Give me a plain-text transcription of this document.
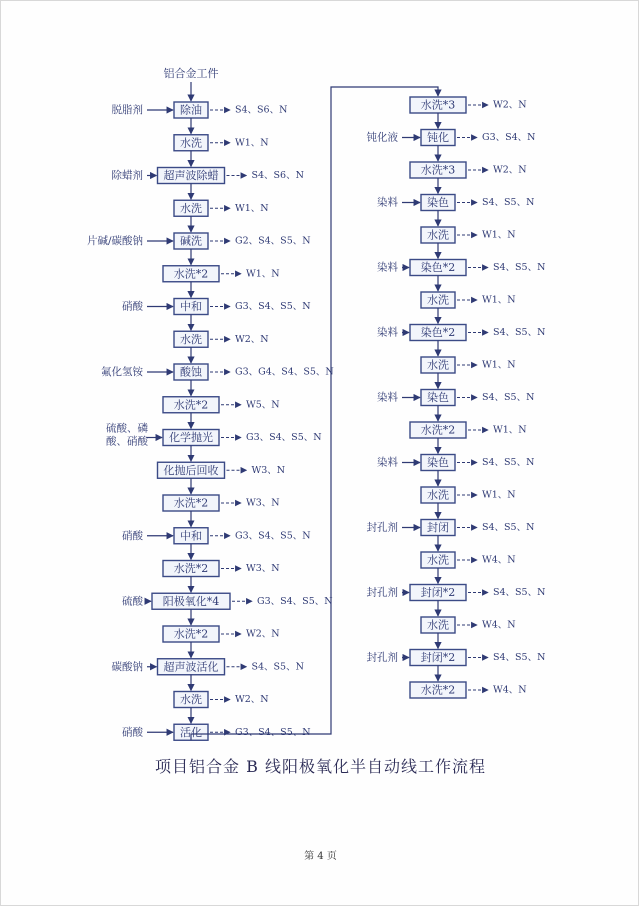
铝合金工件
除油
脱脂剂	S4、S6、N
水洗	W1、N
超声波除蜡
除蜡剂	S4、S6、N
水洗	W1、N
碱洗
片碱/碳酸钠	G2、S4、S5、N
水洗*2	W1、N
中和
硝酸	G3、S4、S5、N
水洗	W2、N
酸蚀
氟化氢铵	G3、G4、S4、S5、N
水洗*2	W5、N
化学抛光
硫酸、磷酸、硝酸	G3、S4、S5、N
化抛后回收	W3、N
水洗*2	W3、N
中和
硝酸	G3、S4、S5、N
水洗*2	W3、N
阳极氧化*4
硫酸	G3、S4、S5、N
水洗*2	W2、N
超声波活化
碳酸钠	S4、S5、N
水洗	W2、N
活化
硝酸	G3、S4、S5、N
水洗*3	W2、N
钝化
钝化液	G3、S4、N
水洗*3	W2、N
染色
染料	S4、S5、N
水洗	W1、N
染色*2
染料	S4、S5、N
水洗	W1、N
染色*2
染料	S4、S5、N
水洗	W1、N
染色
染料	S4、S5、N
水洗*2	W1、N
染色
染料	S4、S5、N
水洗	W1、N
封闭
封孔剂	S4、S5、N
水洗	W4、N
封闭*2
封孔剂	S4、S5、N
水洗	W4、N
封闭*2
封孔剂	S4、S5、N
水洗*2	W4、N
项目铝合金 B 线阳极氧化半自动线工作流程
第 4 页
